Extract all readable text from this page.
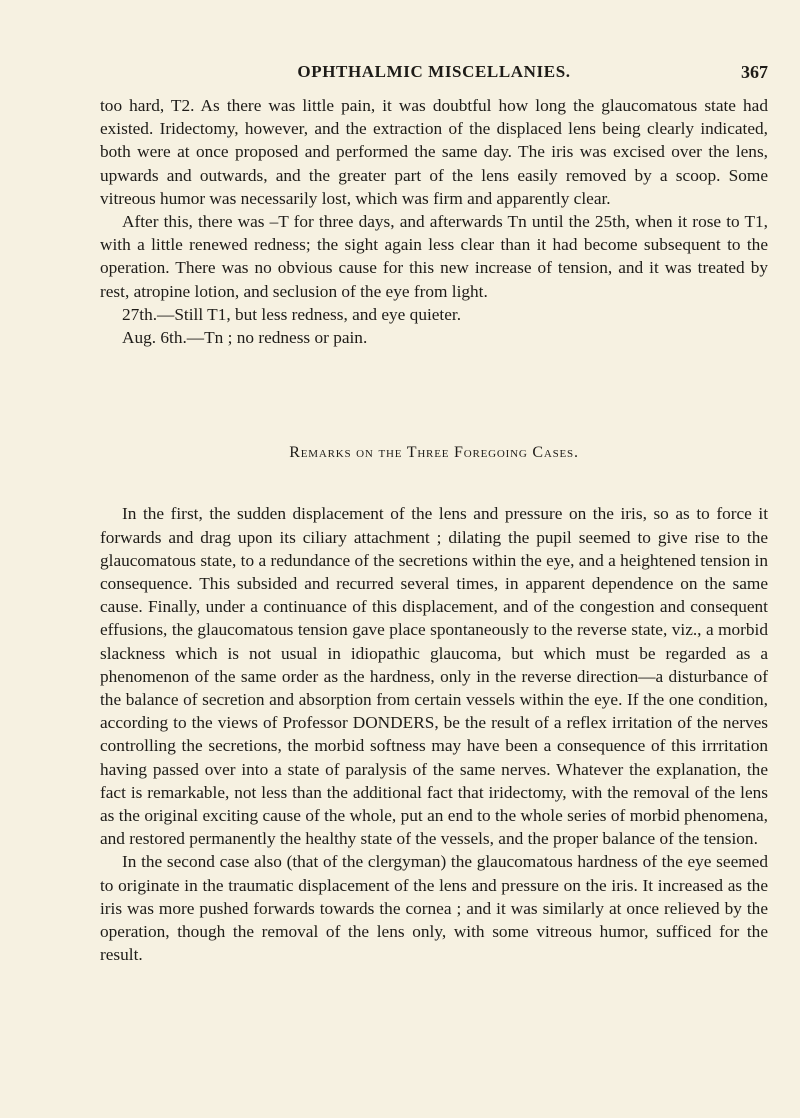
OPHTHALMIC MISCELLANIES.	367

too hard, T2. As there was little pain, it was doubtful how long the glaucomatous state had existed. Iridectomy, however, and the extraction of the displaced lens being clearly indicated, both were at once proposed and performed the same day. The iris was excised over the lens, upwards and outwards, and the greater part of the lens easily removed by a scoop. Some vitreous humor was necessarily lost, which was firm and apparently clear.

After this, there was –T for three days, and afterwards Tn until the 25th, when it rose to T1, with a little renewed redness; the sight again less clear than it had become subsequent to the operation. There was no obvious cause for this new increase of tension, and it was treated by rest, atropine lotion, and seclusion of the eye from light.

27th.—Still T1, but less redness, and eye quieter.

Aug. 6th.—Tn ; no redness or pain.

Remarks on the Three Foregoing Cases.

In the first, the sudden displacement of the lens and pressure on the iris, so as to force it forwards and drag upon its ciliary attachment ; dilating the pupil seemed to give rise to the glaucomatous state, to a redundance of the secretions within the eye, and a heightened tension in consequence. This subsided and recurred several times, in apparent dependence on the same cause. Finally, under a continuance of this displacement, and of the congestion and consequent effusions, the glaucomatous tension gave place spontaneously to the reverse state, viz., a morbid slackness which is not usual in idiopathic glaucoma, but which must be regarded as a phenomenon of the same order as the hardness, only in the reverse direction—a disturbance of the balance of secretion and absorption from certain vessels within the eye. If the one condition, according to the views of Professor DONDERS, be the result of a reflex irritation of the nerves controlling the secretions, the morbid softness may have been a consequence of this irrritation having passed over into a state of paralysis of the same nerves. Whatever the explanation, the fact is remarkable, not less than the additional fact that iridectomy, with the removal of the lens as the original exciting cause of the whole, put an end to the whole series of morbid phenomena, and restored permanently the healthy state of the vessels, and the proper balance of the tension.

In the second case also (that of the clergyman) the glaucomatous hardness of the eye seemed to originate in the traumatic displacement of the lens and pressure on the iris. It increased as the iris was more pushed forwards towards the cornea ; and it was similarly at once relieved by the operation, though the removal of the lens only, with some vitreous humor, sufficed for the result.
